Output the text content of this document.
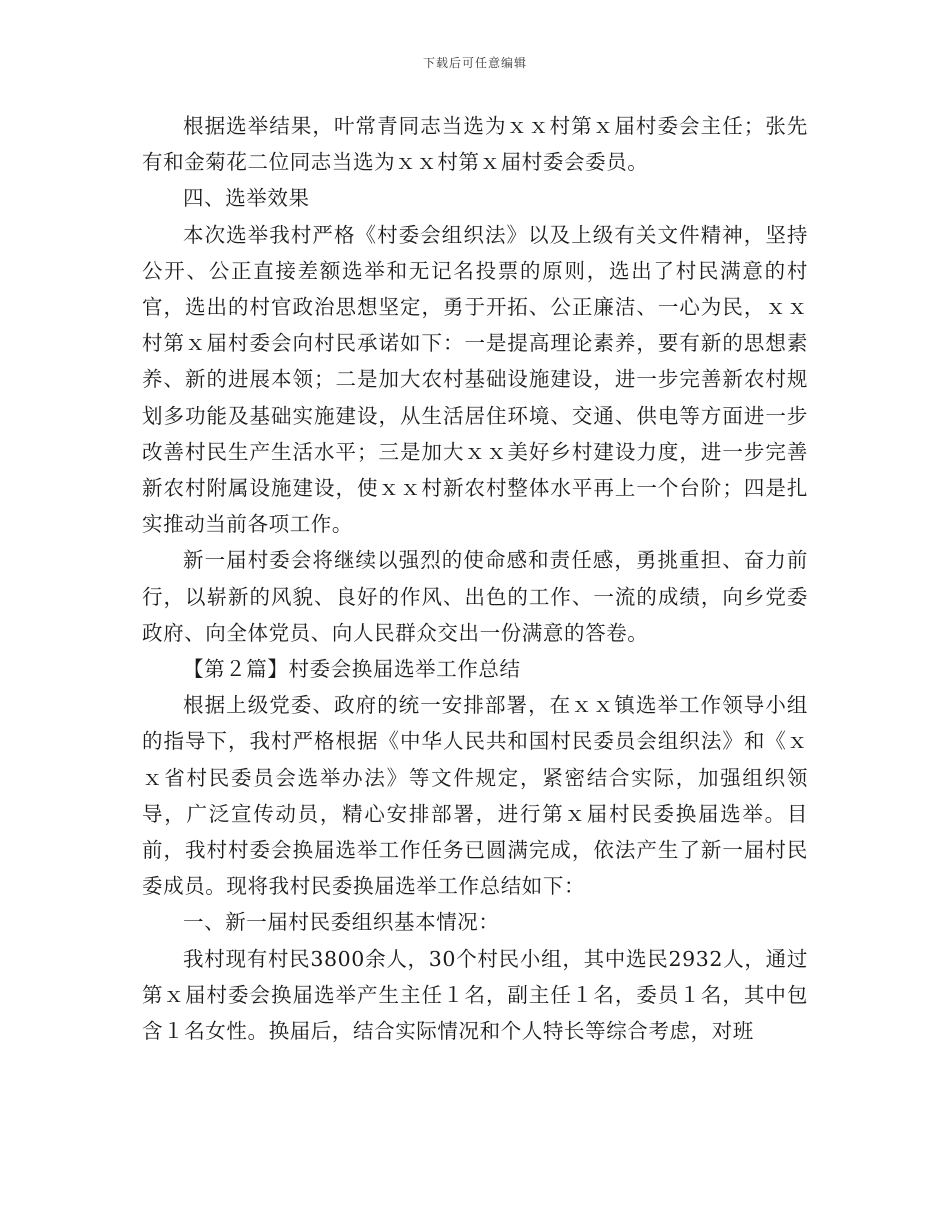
下载后可任意编辑

根据选举结果，叶常青同志当选为ｘｘ村第ｘ届村委会主任；张先有和金菊花二位同志当选为ｘｘ村第ｘ届村委会委员。

四、选举效果

本次选举我村严格《村委会组织法》以及上级有关文件精神，坚持公开、公正直接差额选举和无记名投票的原则，选出了村民满意的村官，选出的村官政治思想坚定，勇于开拓、公正廉洁、一心为民，ｘｘ村第ｘ届村委会向村民承诺如下：一是提高理论素养，要有新的思想素养、新的进展本领；二是加大农村基础设施建设，进一步完善新农村规划多功能及基础实施建设，从生活居住环境、交通、供电等方面进一步改善村民生产生活水平；三是加大ｘｘ美好乡村建设力度，进一步完善新农村附属设施建设，使ｘｘ村新农村整体水平再上一个台阶；四是扎实推动当前各项工作。

新一届村委会将继续以强烈的使命感和责任感，勇挑重担、奋力前行，以崭新的风貌、良好的作风、出色的工作、一流的成绩，向乡党委政府、向全体党员、向人民群众交出一份满意的答卷。

【第２篇】村委会换届选举工作总结

根据上级党委、政府的统一安排部署，在ｘｘ镇选举工作领导小组的指导下，我村严格根据《中华人民共和国村民委员会组织法》和《ｘｘ省村民委员会选举办法》等文件规定，紧密结合实际，加强组织领导，广泛宣传动员，精心安排部署，进行第ｘ届村民委换届选举。目前，我村村委会换届选举工作任务已圆满完成，依法产生了新一届村民委成员。现将我村民委换届选举工作总结如下：

一、新一届村民委组织基本情况：

我村现有村民3800余人，30个村民小组，其中选民2932人，通过第ｘ届村委会换届选举产生主任１名，副主任１名，委员１名，其中包含１名女性。换届后，结合实际情况和个人特长等综合考虑，对班
